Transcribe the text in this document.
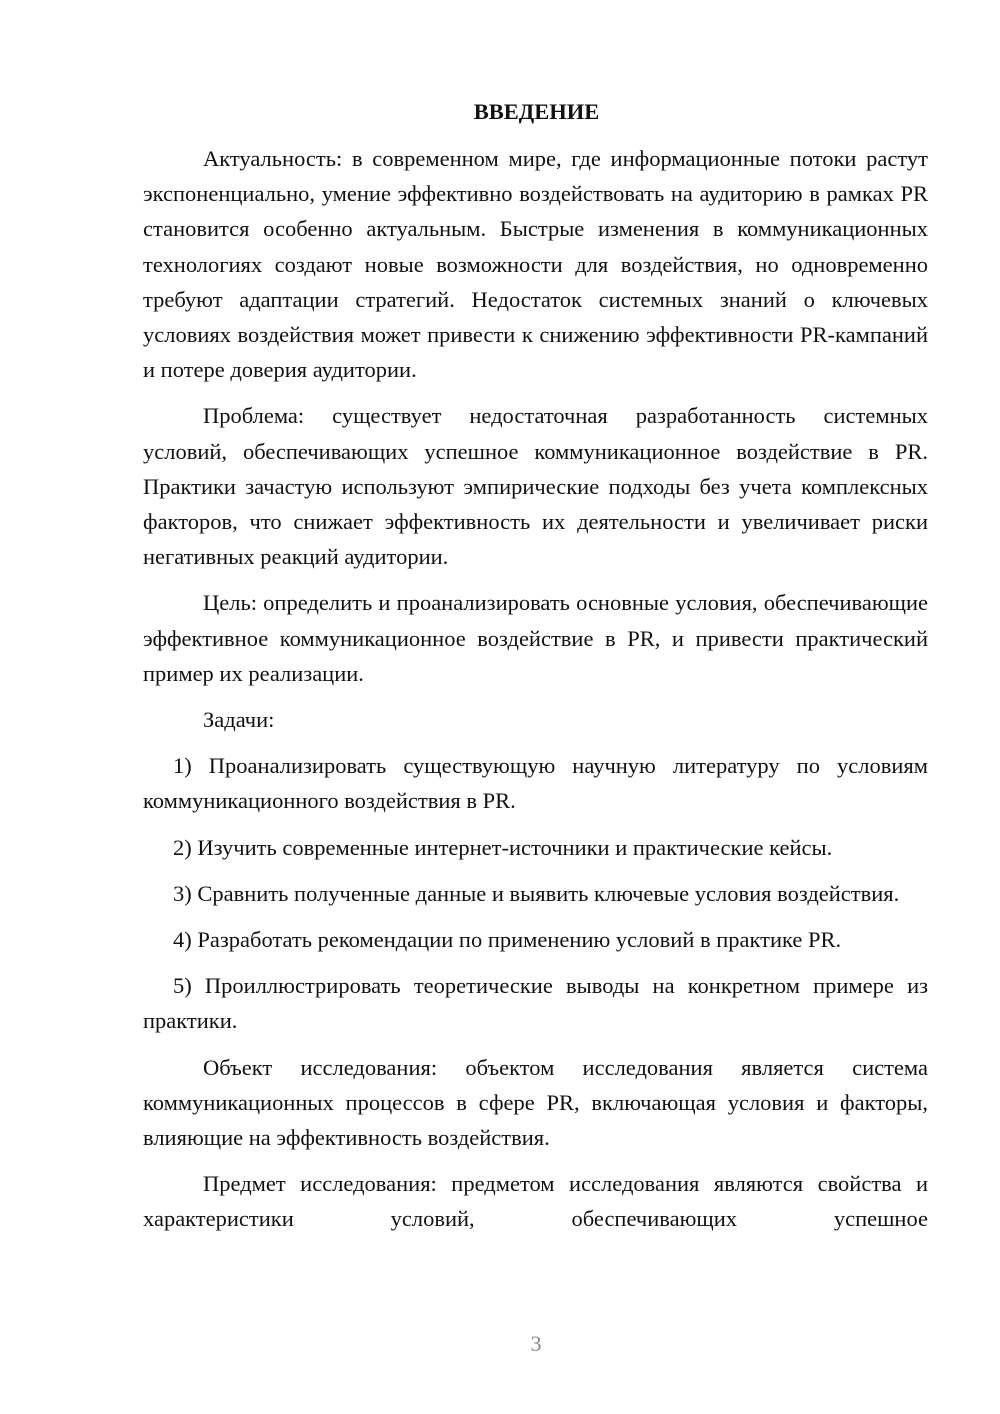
ВВЕДЕНИЕ

Актуальность: в современном мире, где информационные потоки растут экспоненциально, умение эффективно воздействовать на аудиторию в рамках PR становится особенно актуальным. Быстрые изменения в коммуникационных технологиях создают новые возможности для воздействия, но одновременно требуют адаптации стратегий. Недостаток системных знаний о ключевых условиях воздействия может привести к снижению эффективности PR-кампаний и потере доверия аудитории.

Проблема: существует недостаточная разработанность системных условий, обеспечивающих успешное коммуникационное воздействие в PR. Практики зачастую используют эмпирические подходы без учета комплексных факторов, что снижает эффективность их деятельности и увеличивает риски негативных реакций аудитории.

Цель: определить и проанализировать основные условия, обеспечивающие эффективное коммуникационное воздействие в PR, и привести практический пример их реализации.

Задачи:

1) Проанализировать существующую научную литературу по условиям коммуникационного воздействия в PR.

2) Изучить современные интернет-источники и практические кейсы.

3) Сравнить полученные данные и выявить ключевые условия воздействия.

4) Разработать рекомендации по применению условий в практике PR.

5) Проиллюстрировать теоретические выводы на конкретном примере из практики.

Объект исследования: объектом исследования является система коммуникационных процессов в сфере PR, включающая условия и факторы, влияющие на эффективность воздействия.

Предмет исследования: предметом исследования являются свойства и характеристики условий, обеспечивающих успешное

3
